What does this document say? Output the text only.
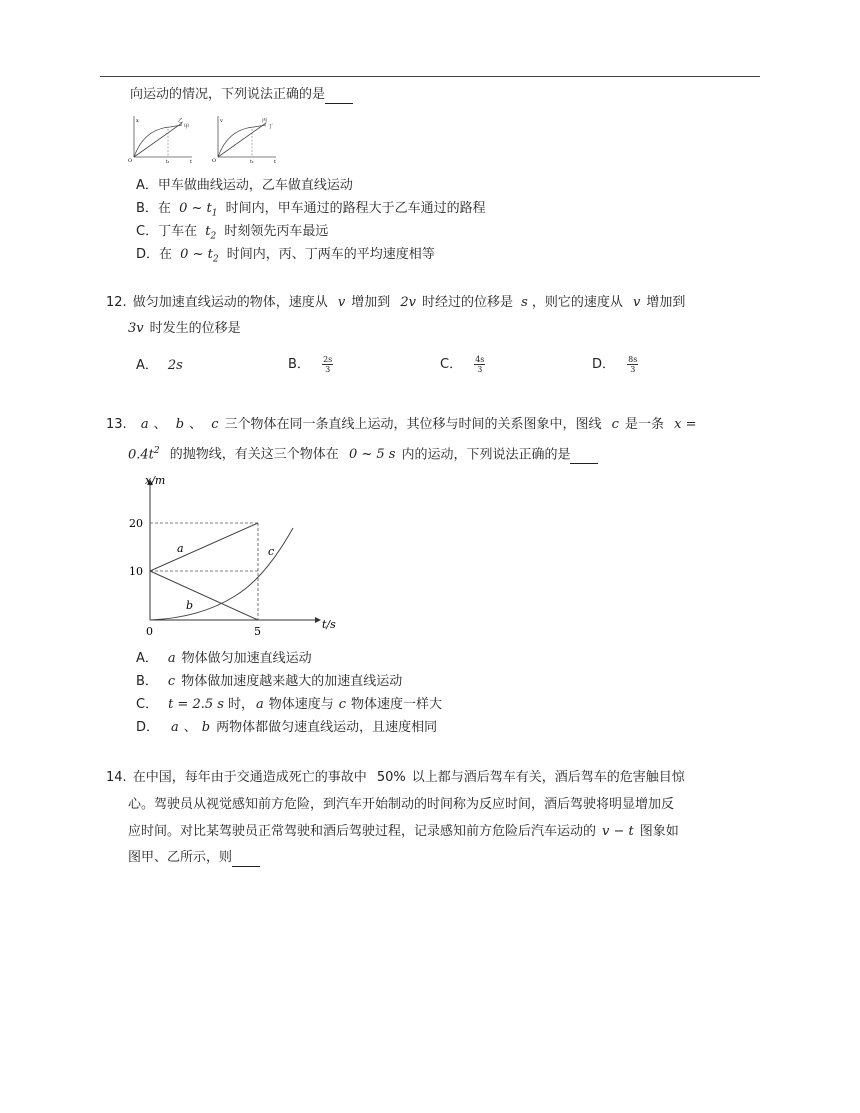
向运动的情况，下列说法正确的是
x
O	t₁	t
乙
甲
v
O	t₂	t
丙
丁
A．甲车做曲线运动，乙车做直线运动
B．在 0 ~ $t_1$ 时间内，甲车通过的路程大于乙车通过的路程
C．丁车在 $t_2$ 时刻领先丙车最远
D．在 0 ~ $t_2$ 时间内，丙、丁两车的平均速度相等
12. 做匀加速直线运动的物体，速度从 v 增加到 2v 时经过的位移是 s ，则它的速度从 v 增加到
3v 时发生的位移是
A． 2s	B． $\frac{2s}{3}$	C． $\frac{4s}{3}$	D． $\frac{8s}{3}$
13. a 、 b 、 c 三个物体在同一条直线上运动，其位移与时间的关系图象中，图线 c 是一条 x =
$0.4t^2$ 的抛物线，有关这三个物体在 0 ~ 5 s 内的运动，下列说法正确的是
x/m
t/s
0
20
10
5
a
b
c
A． a 物体做匀加速直线运动
B． c 物体做加速度越来越大的加速直线运动
C． t = 2.5 s 时， a 物体速度与 c 物体速度一样大
D． a 、 b 两物体都做匀速直线运动，且速度相同
14. 在中国，每年由于交通造成死亡的事故中 50% 以上都与酒后驾车有关，酒后驾车的危害触目惊
心。驾驶员从视觉感知前方危险，到汽车开始制动的时间称为反应时间，酒后驾驶将明显增加反
应时间。对比某驾驶员正常驾驶和酒后驾驶过程，记录感知前方危险后汽车运动的 v − t 图象如
图甲、乙所示，则
